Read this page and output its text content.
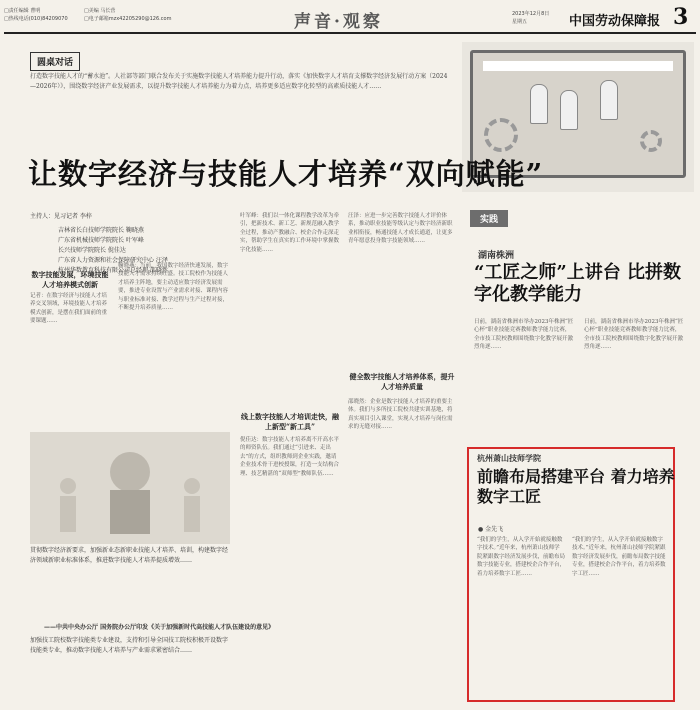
□责任编辑 曹明
□热线电话(010)84209070
□美编 马长营
□电子邮箱mzx42205290@126.com	声音·观察	2023年12月8日
星期五	中国劳动保障报 3
圆桌对话
打造数字技能人才的“蓄水池”。人社部等部门联合发布关于实施数字技能人才培养能力提升行动，落实《加快数字人才培育支撑数字经济发展行动方案（2024—2026年）》，围绕数字经济产业发展需求，以提升数字技能人才培养能力为着力点，培养更多适应数字化转型的高素质技能人才……
让数字经济与技能人才培养“双向赋能”
主持人：见习记者 李梓
吉林省长白技师学院院长 鞠晓燕
广东省机械技师学院院长 叶军峰
长兴技师学院院长 倪佳达
广东省人力资源和社会保障研究中心 汪泽
杭州华数教育科技有限公司总经理 邵晓然
数字技能发展，环境技能人才培养模式创新
记者：在数字经济与技能人才培养交叉领域，环境技能人才培养模式创新，是摆在我们面前的重要课题……
鞠晓燕：当前，我国数字经济快速发展，数字技能人才需求持续旺盛。技工院校作为技能人才培养主阵地，要主动适应数字经济发展需要，推进专业设置与产业需求对接、课程内容与职业标准对接、教学过程与生产过程对接，不断提升培养质量……
叶军峰：我们以一体化课程教学改革为牵引，把新技术、新工艺、新规范融入教学全过程，推动产教融合、校企合作走深走实，帮助学生在真实的工作环境中掌握数字化技能……
线上数字技能人才培训走快，融上新型“新工具”
倪佳达：数字技能人才培养离不开高水平的师资队伍。我们通过“引进来、走出去”的方式，组织教师到企业实践，邀请企业技术骨干进校授课，打造一支结构合理、技艺精湛的“双师型”教师队伍……
汪泽：应进一步完善数字技能人才评价体系，推动职业技能等级认定与数字经济新职业相衔接，畅通技能人才成长通道，让更多青年愿意投身数字技能领域……
健全数字技能人才培养体系，提升人才培养质量
邵晓然：企业是数字技能人才培养的重要主体。我们与多所技工院校共建实训基地，将真实项目引入课堂，实现人才培养与岗位需求的无缝对接……
贯彻数字经济新要求，加强新业态新职业技能人才培养、培训，构建数字经济领域新职业标准体系，推进数字技能人才培养提质增效……
——中共中央办公厅 国务院办公厅印发《关于加强新时代高技能人才队伍建设的意见》
加强技工院校数字技能类专业建设，支持和引导全国技工院校积极开设数字技能类专业，推动数字技能人才培养与产业需求紧密结合……
实践
湖南株洲
“工匠之师”上讲台 比拼数字化教学能力
日前，湖南省株洲市举办2023年株洲“匠心杯”职业技能竞赛教师教学能力比赛，全市技工院校教师围绕数字化教学展开激烈角逐……
日前，湖南省株洲市举办2023年株洲“匠心杯”职业技能竞赛教师教学能力比赛，全市技工院校教师围绕数字化教学展开激烈角逐……
杭州萧山技师学院
前瞻布局搭建平台 着力培养数字工匠
● 金先飞
“我们的学生，从入学开始就接触数字技术。”近年来，杭州萧山技师学院紧跟数字经济发展步伐，前瞻布局数字技能专业，搭建校企合作平台，着力培养数字工匠……
“我们的学生，从入学开始就接触数字技术。”近年来，杭州萧山技师学院紧跟数字经济发展步伐，前瞻布局数字技能专业，搭建校企合作平台，着力培养数字工匠……
